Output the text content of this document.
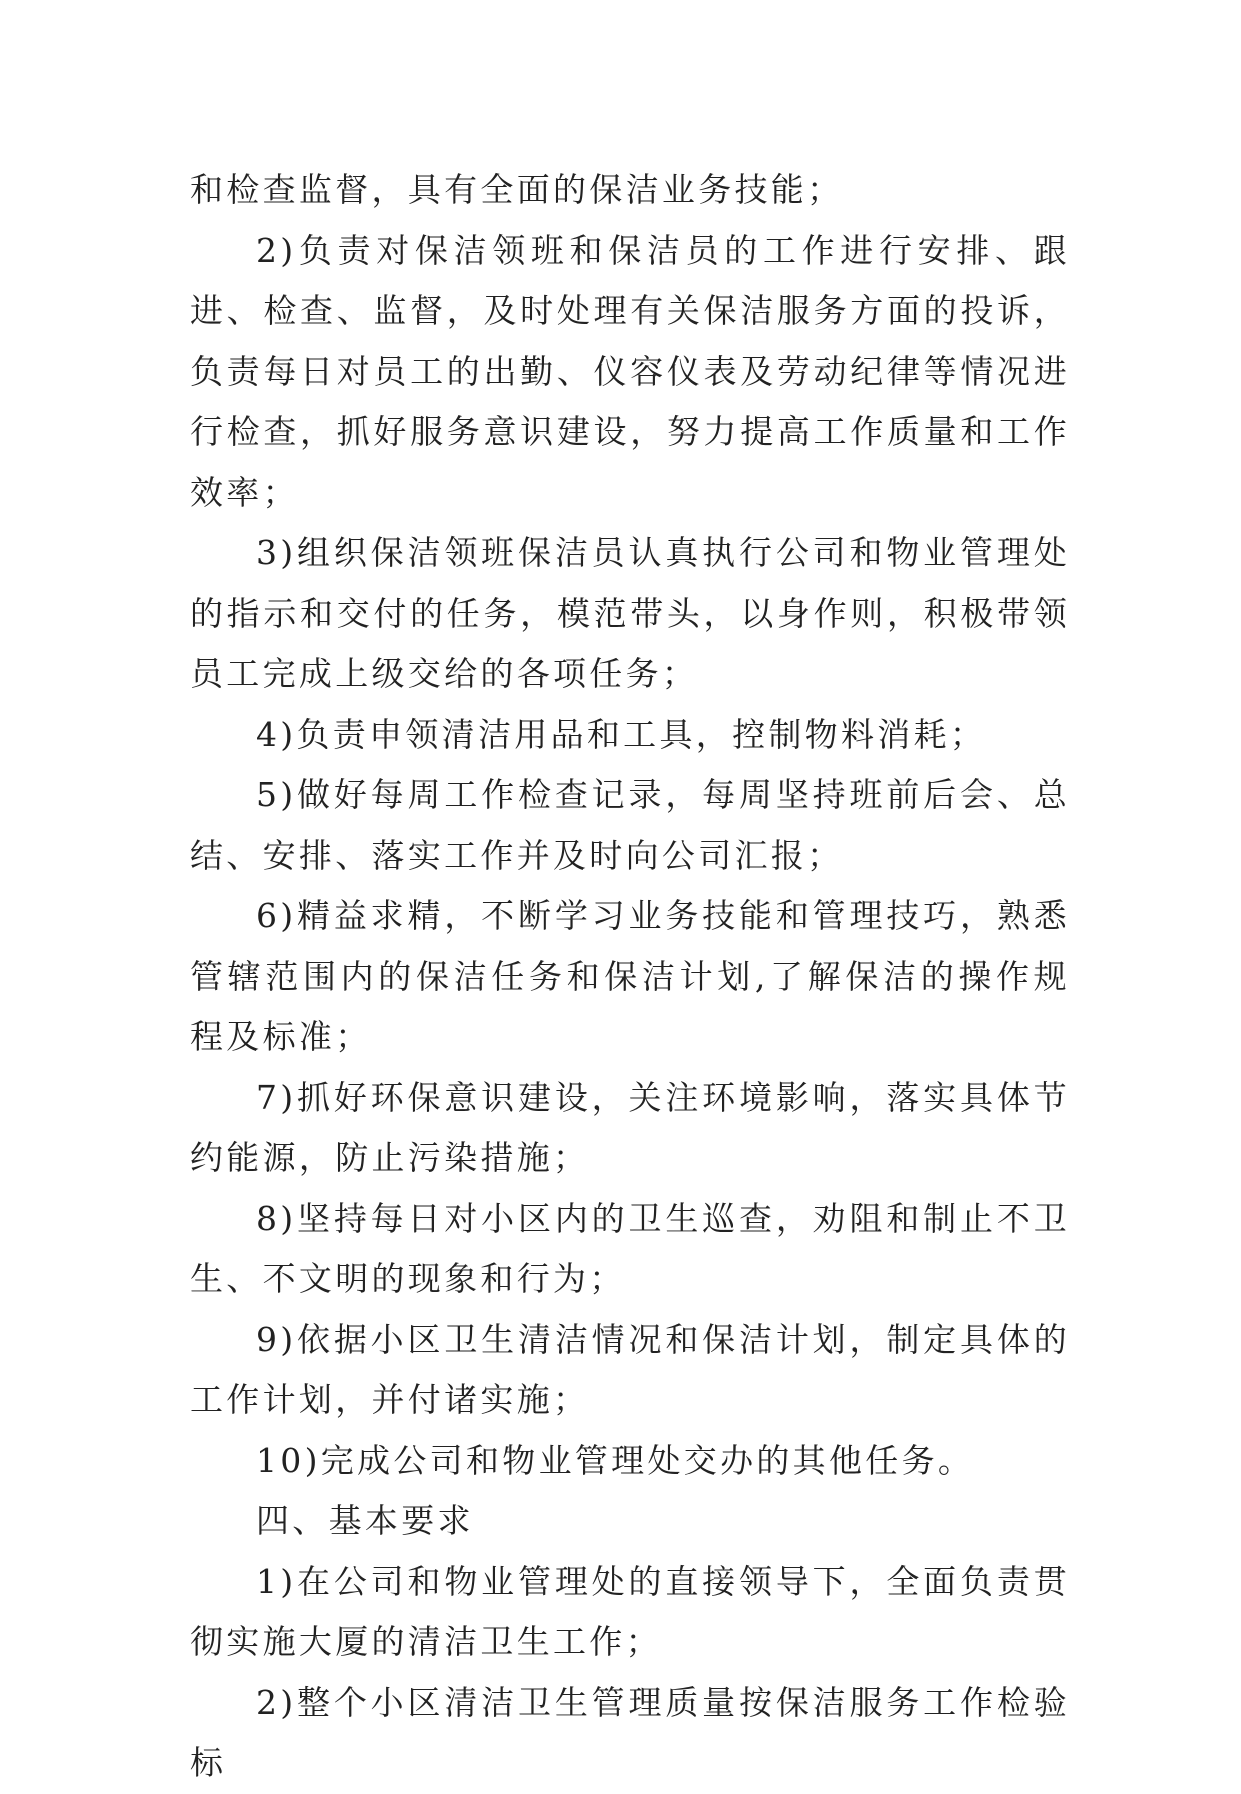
和检查监督，具有全面的保洁业务技能；

2)负责对保洁领班和保洁员的工作进行安排、跟进、检查、监督，及时处理有关保洁服务方面的投诉，负责每日对员工的出勤、仪容仪表及劳动纪律等情况进行检查，抓好服务意识建设，努力提高工作质量和工作效率；

3)组织保洁领班保洁员认真执行公司和物业管理处的指示和交付的任务，模范带头，以身作则，积极带领员工完成上级交给的各项任务；

4)负责申领清洁用品和工具，控制物料消耗；

5)做好每周工作检查记录，每周坚持班前后会、总结、安排、落实工作并及时向公司汇报；

6)精益求精，不断学习业务技能和管理技巧，熟悉管辖范围内的保洁任务和保洁计划,了解保洁的操作规程及标准；

7)抓好环保意识建设，关注环境影响，落实具体节约能源，防止污染措施；

8)坚持每日对小区内的卫生巡查，劝阻和制止不卫生、不文明的现象和行为；

9)依据小区卫生清洁情况和保洁计划，制定具体的工作计划，并付诸实施；

10)完成公司和物业管理处交办的其他任务。

四、基本要求

1)在公司和物业管理处的直接领导下，全面负责贯彻实施大厦的清洁卫生工作；

2)整个小区清洁卫生管理质量按保洁服务工作检验标
